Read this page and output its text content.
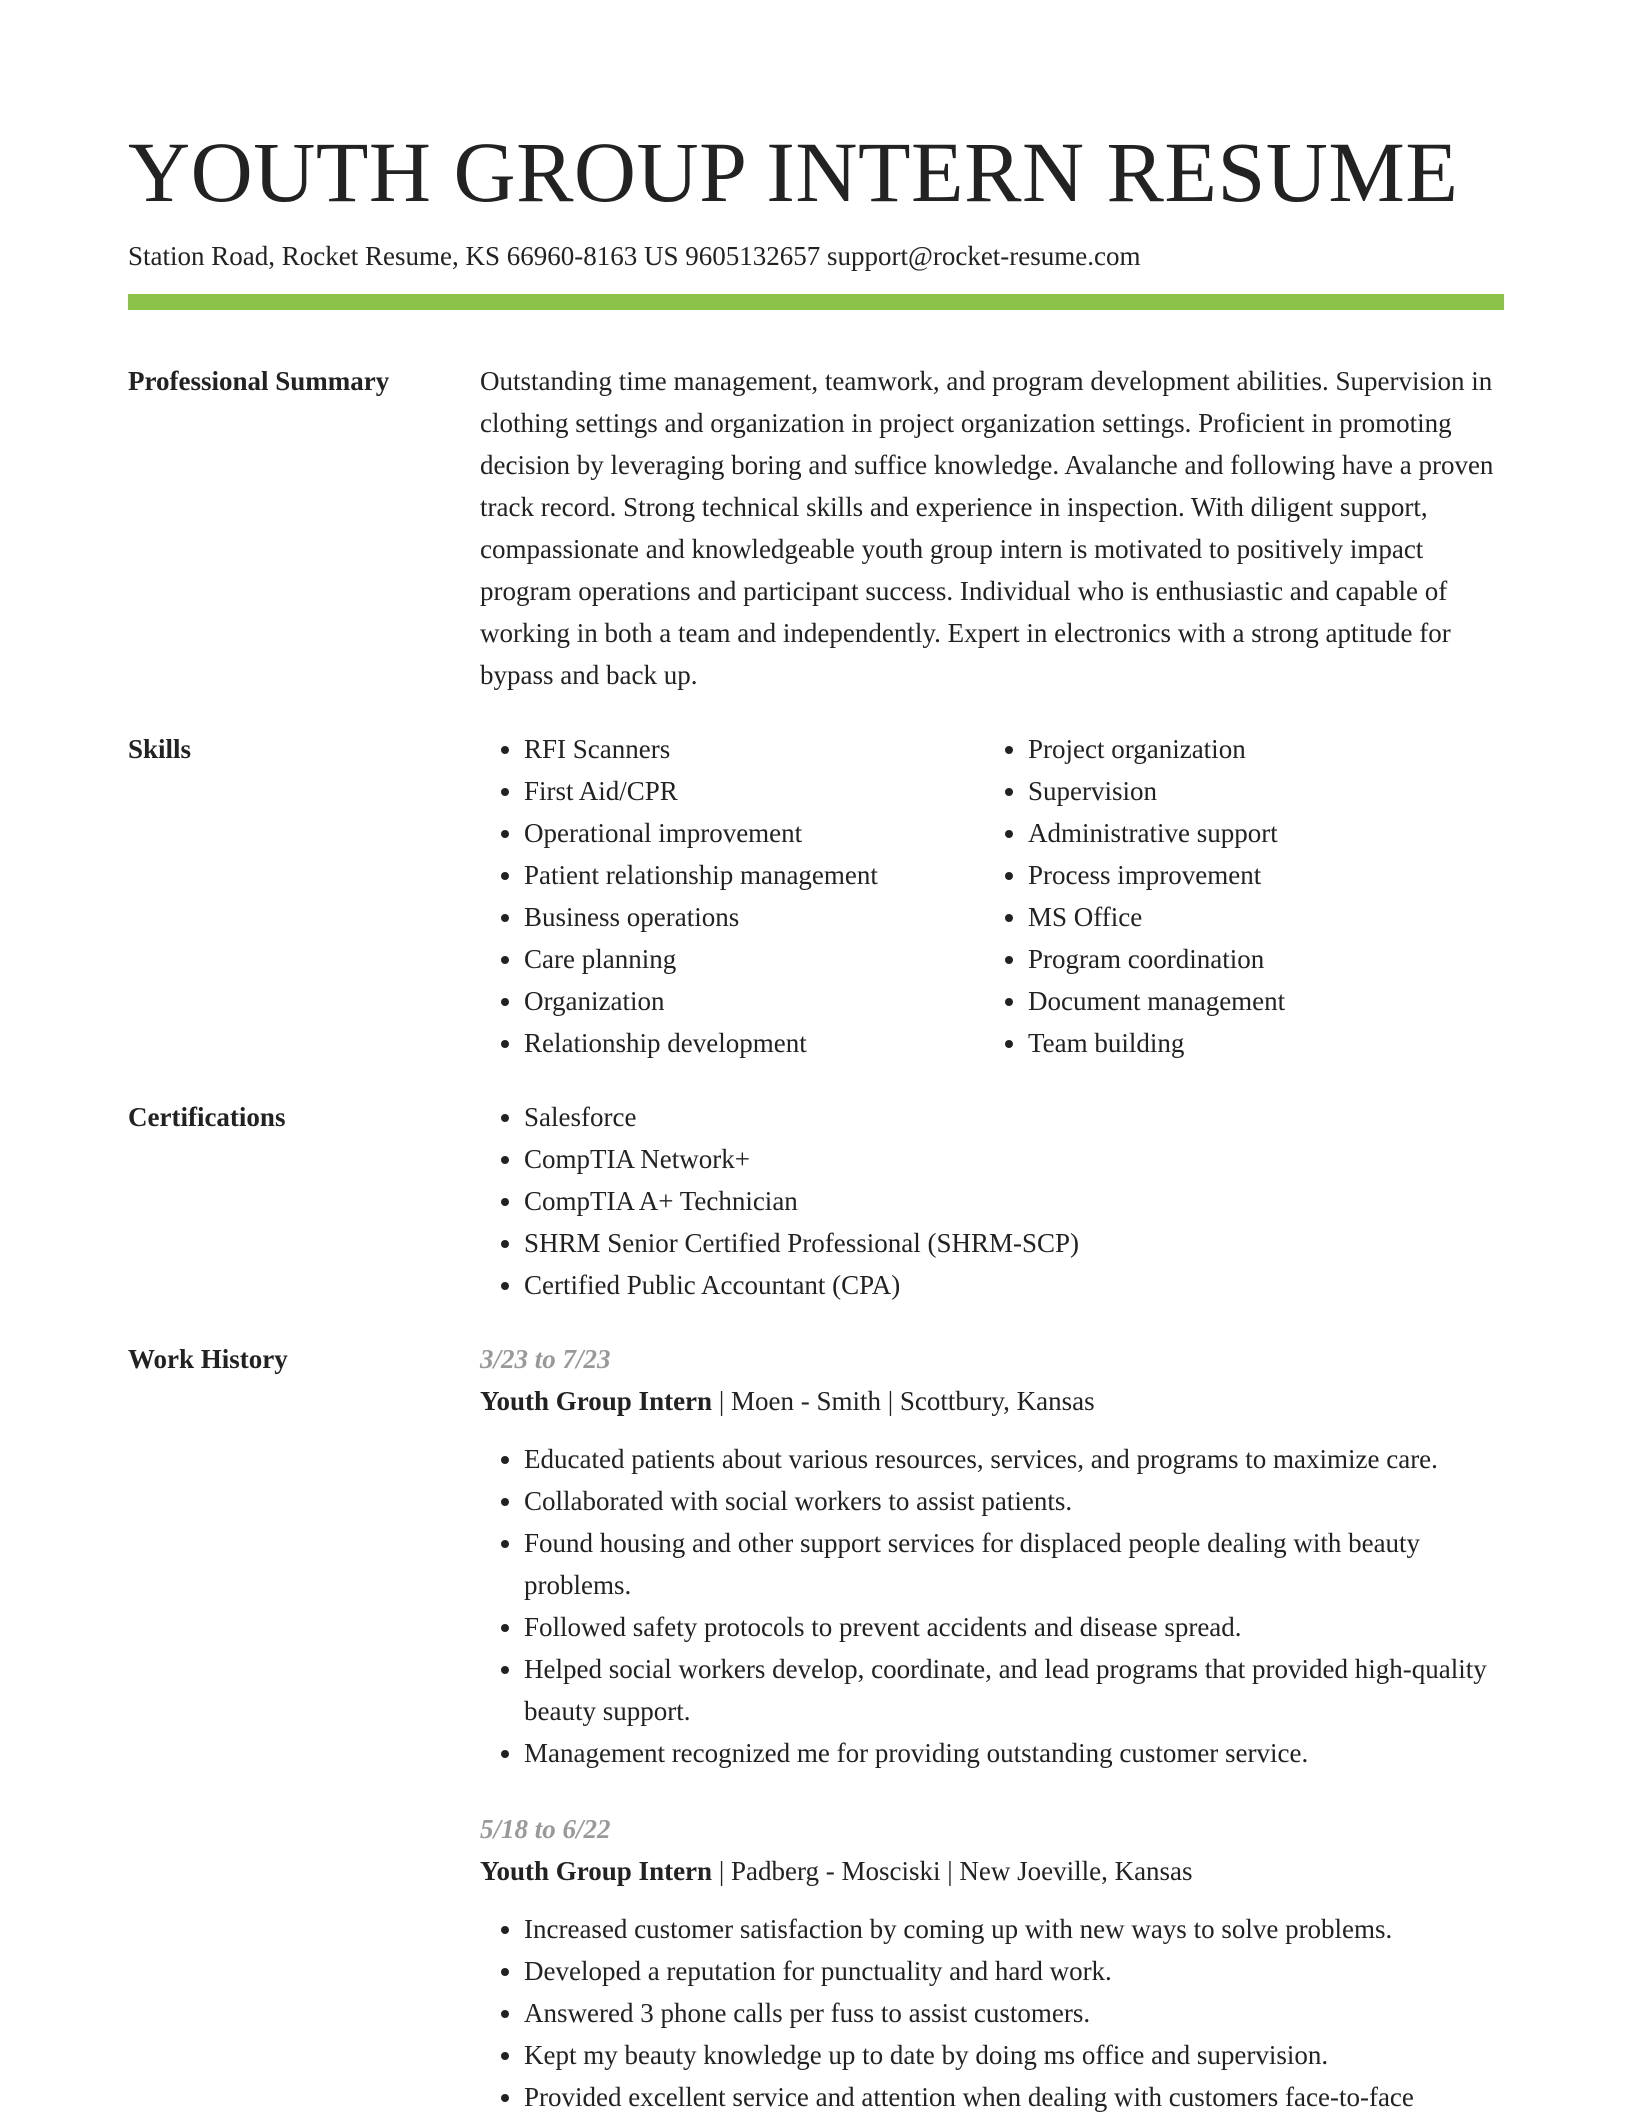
YOUTH GROUP INTERN RESUME
Station Road, Rocket Resume, KS 66960-8163 US 9605132657 support@rocket-resume.com
Professional Summary	Outstanding time management, teamwork, and program development abilities. Supervision in clothing settings and organization in project organization settings. Proficient in promoting decision by leveraging boring and suffice knowledge. Avalanche and following have a proven track record. Strong technical skills and experience in inspection. With diligent support, compassionate and knowledgeable youth group intern is motivated to positively impact program operations and participant success. Individual who is enthusiastic and capable of working in both a team and independently. Expert in electronics with a strong aptitude for bypass and back up.

Skills	• RFI Scanners
• First Aid/CPR
• Operational improvement
• Patient relationship management
• Business operations
• Care planning
• Organization
• Relationship development
• Project organization
• Supervision
• Administrative support
• Process improvement
• MS Office
• Program coordination
• Document management
• Team building
Certifications	• Salesforce
• CompTIA Network+
• CompTIA A+ Technician
• SHRM Senior Certified Professional (SHRM-SCP)
• Certified Public Accountant (CPA)
Work History	3/23 to 7/23
Youth Group Intern | Moen - Smith | Scottbury, Kansas
• Educated patients about various resources, services, and programs to maximize care.
• Collaborated with social workers to assist patients.
• Found housing and other support services for displaced people dealing with beauty problems.
• Followed safety protocols to prevent accidents and disease spread.
• Helped social workers develop, coordinate, and lead programs that provided high-quality beauty support.
• Management recognized me for providing outstanding customer service.
5/18 to 6/22
Youth Group Intern | Padberg - Mosciski | New Joeville, Kansas
• Increased customer satisfaction by coming up with new ways to solve problems.
• Developed a reputation for punctuality and hard work.
• Answered 3 phone calls per fuss to assist customers.
• Kept my beauty knowledge up to date by doing ms office and supervision.
• Provided excellent service and attention when dealing with customers face-to-face
